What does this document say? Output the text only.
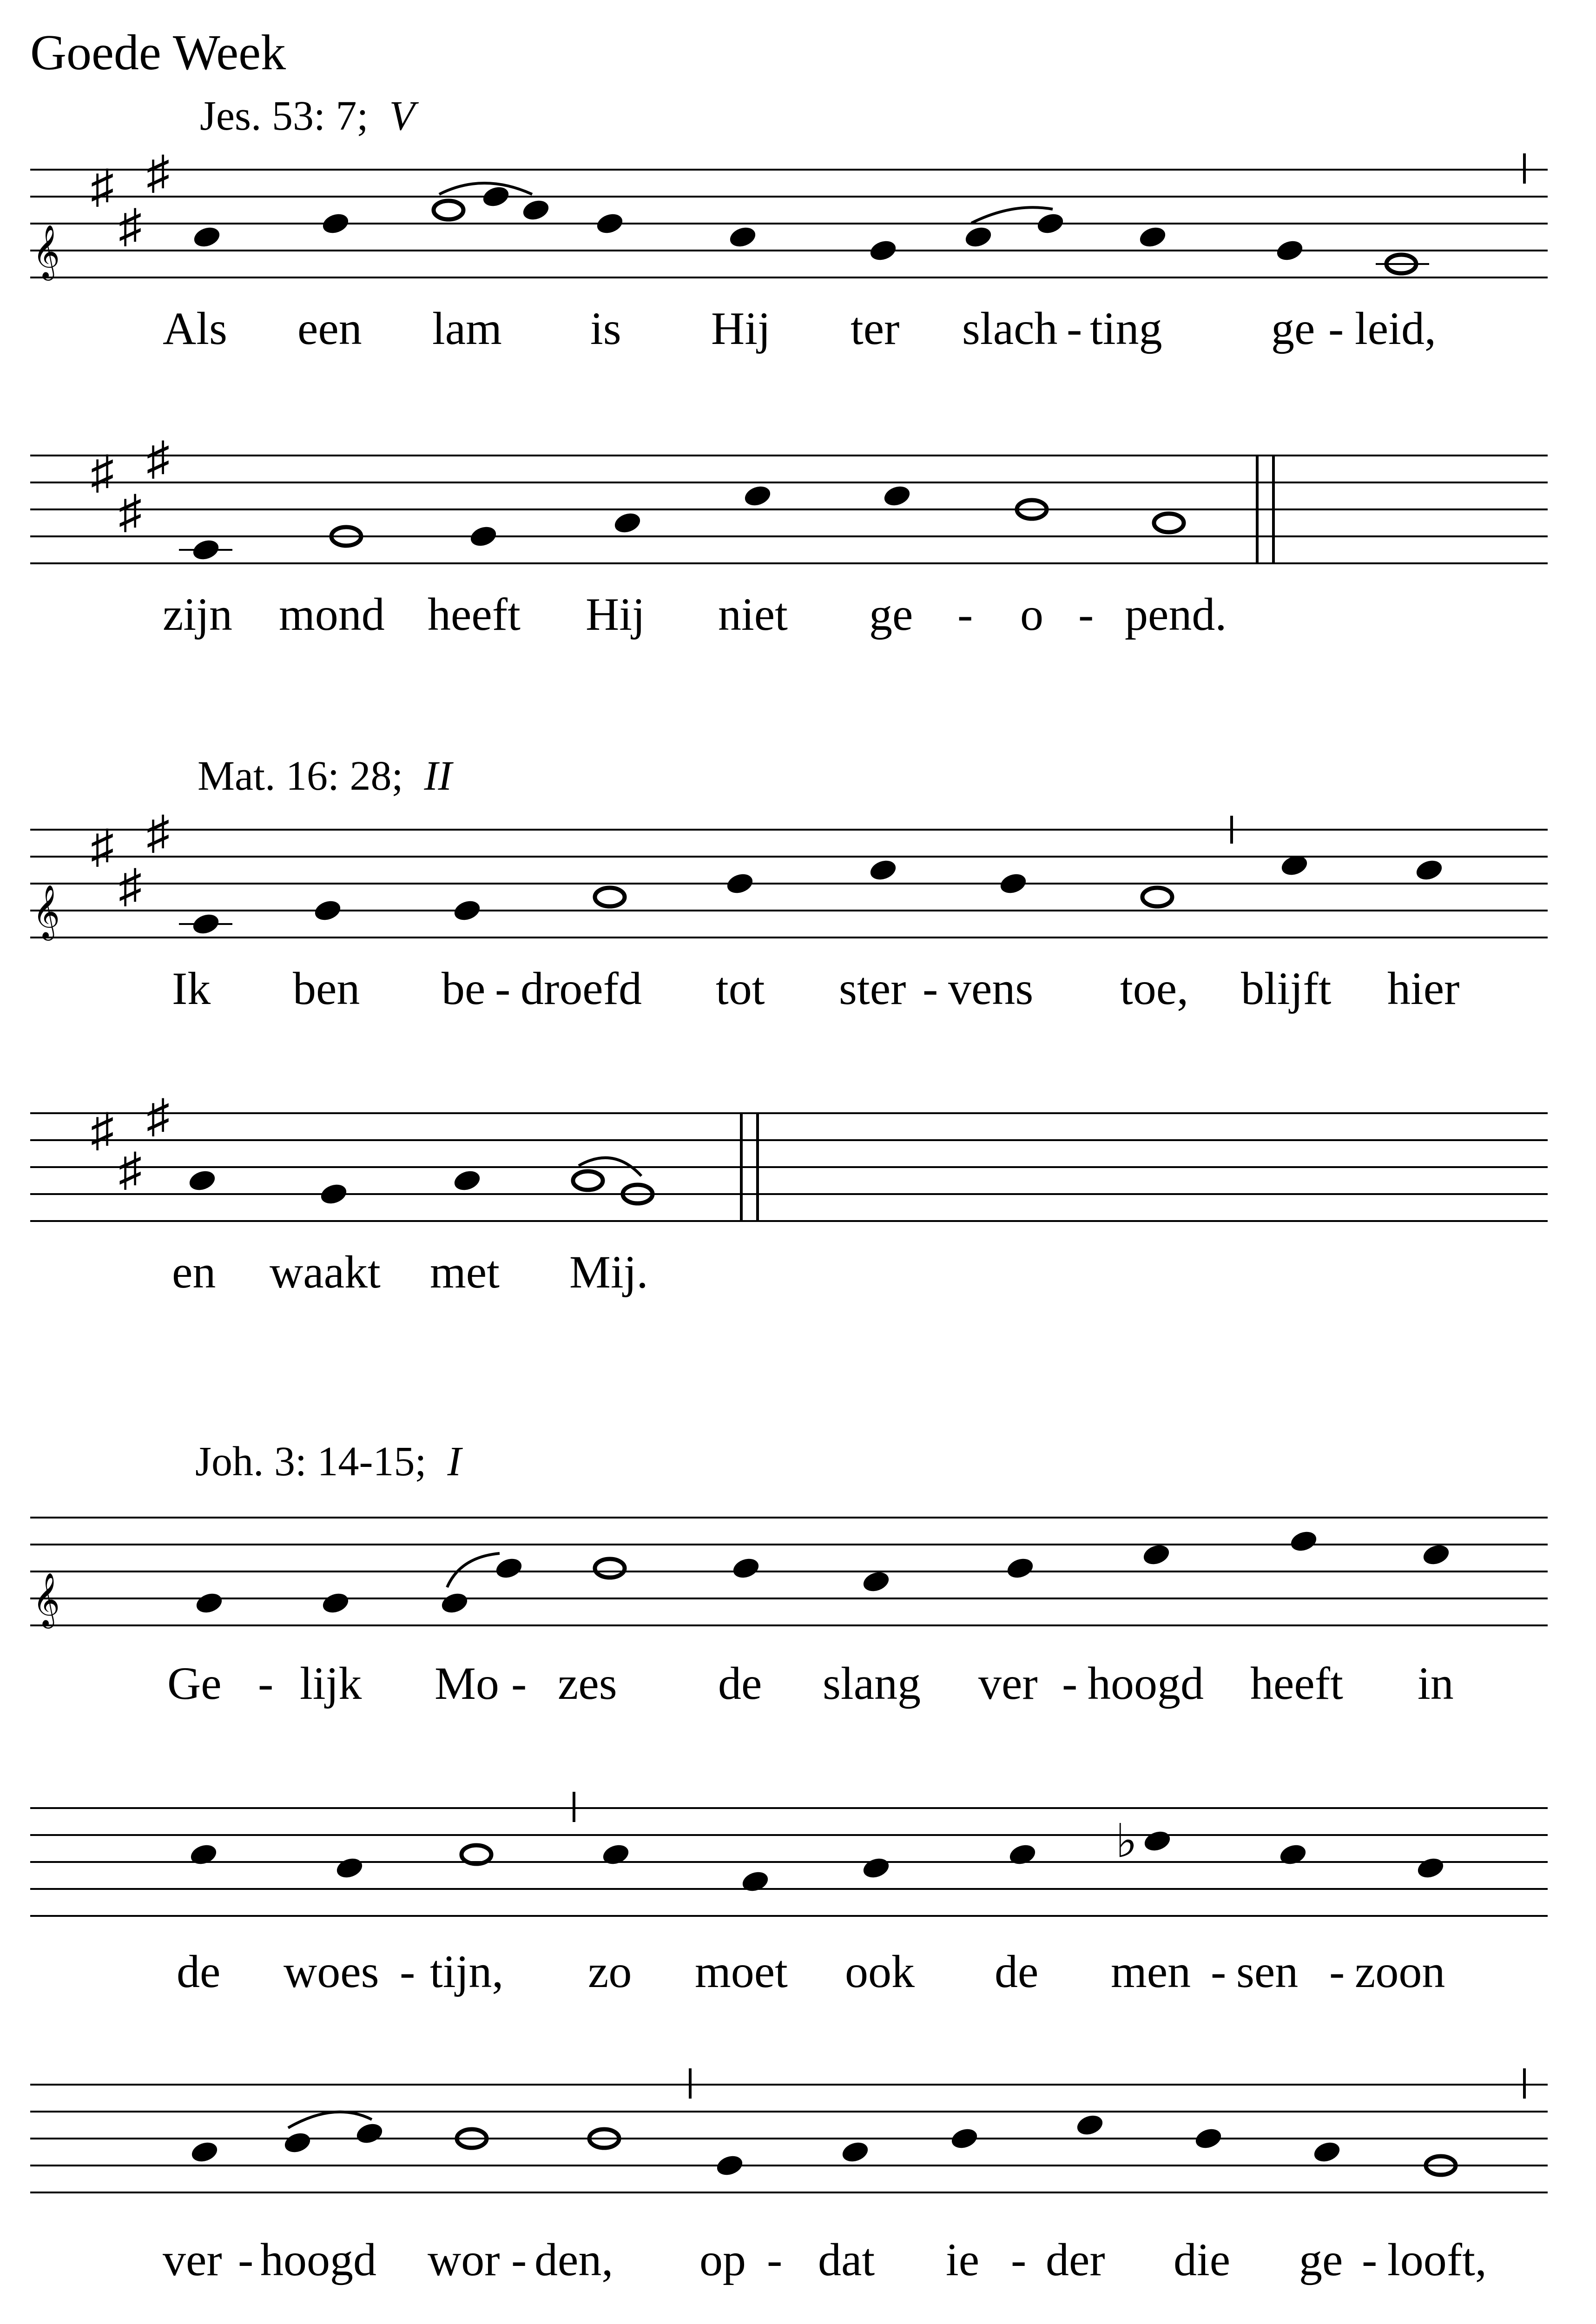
Goede Week
Jes. 53: 7; V
𝄞
♯
♯
♯
Als een lam is Hij ter slach - ting ge - leid,
♯
♯
♯
zijn mond heeft Hij niet ge - o - pend.
Mat. 16: 28; II
𝄞
♯
♯
♯
Ik ben be - droefd tot ster - vens toe, blijft hier
♯
♯
♯
en waakt met Mij.
Joh. 3: 14-15; I
𝄞
Ge - lijk Mo - zes de slang ver - hoogd heeft in
♭
de woes - tijn, zo moet ook de men - sen - zoon
ver - hoogd wor - den, op - dat ie - der die ge - looft,
